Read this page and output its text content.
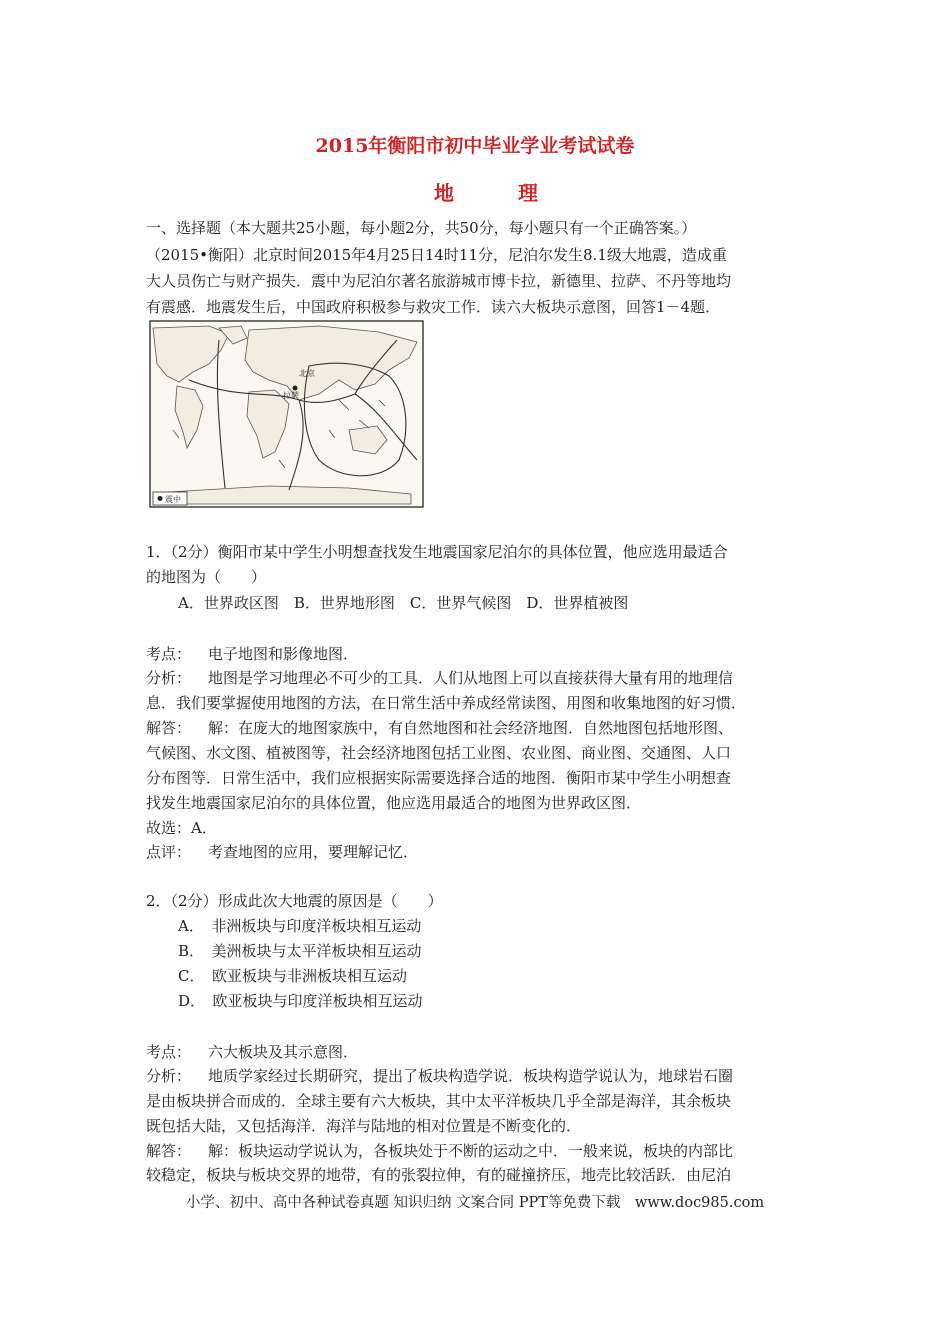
2015年衡阳市初中毕业学业考试试卷
地　理
一、选择题（本大题共25小题，每小题2分，共50分，每小题只有一个正确答案。）
（2015•衡阳）北京时间2015年4月25日14时11分，尼泊尔发生8.1级大地震，造成重
大人员伤亡与财产损失．震中为尼泊尔著名旅游城市博卡拉，新德里、拉萨、不丹等地均
有震感．地震发生后，中国政府积极参与救灾工作．读六大板块示意图，回答1－4题．
北京
拉萨
震中
1．（2分）衡阳市某中学生小明想查找发生地震国家尼泊尔的具体位置，他应选用最适合
的地图为（　　）
A．世界政区图　B．世界地形图　C．世界气候图　D．世界植被图
考点： 电子地图和影像地图．
分析： 地图是学习地理必不可少的工具．人们从地图上可以直接获得大量有用的地理信
息．我们要掌握使用地图的方法，在日常生活中养成经常读图、用图和收集地图的好习惯．
解答： 解：在庞大的地图家族中，有自然地图和社会经济地图．自然地图包括地形图、
气候图、水文图、植被图等，社会经济地图包括工业图、农业图、商业图、交通图、人口
分布图等．日常生活中，我们应根据实际需要选择合适的地图．衡阳市某中学生小明想查
找发生地震国家尼泊尔的具体位置，他应选用最适合的地图为世界政区图．
故选：A．
点评： 考查地图的应用，要理解记忆．
2．（2分）形成此次大地震的原因是（　　）
A．　非洲板块与印度洋板块相互运动
B．　美洲板块与太平洋板块相互运动
C．　欧亚板块与非洲板块相互运动
D．　欧亚板块与印度洋板块相互运动
考点： 六大板块及其示意图．
分析： 地质学家经过长期研究，提出了板块构造学说．板块构造学说认为，地球岩石圈
是由板块拼合而成的．全球主要有六大板块，其中太平洋板块几乎全部是海洋，其余板块
既包括大陆，又包括海洋．海洋与陆地的相对位置是不断变化的．
解答： 解：板块运动学说认为，各板块处于不断的运动之中．一般来说，板块的内部比
较稳定，板块与板块交界的地带，有的张裂拉伸，有的碰撞挤压，地壳比较活跃．由尼泊
小学、初中、高中各种试卷真题 知识归纳 文案合同 PPT等免费下载　www.doc985.com
